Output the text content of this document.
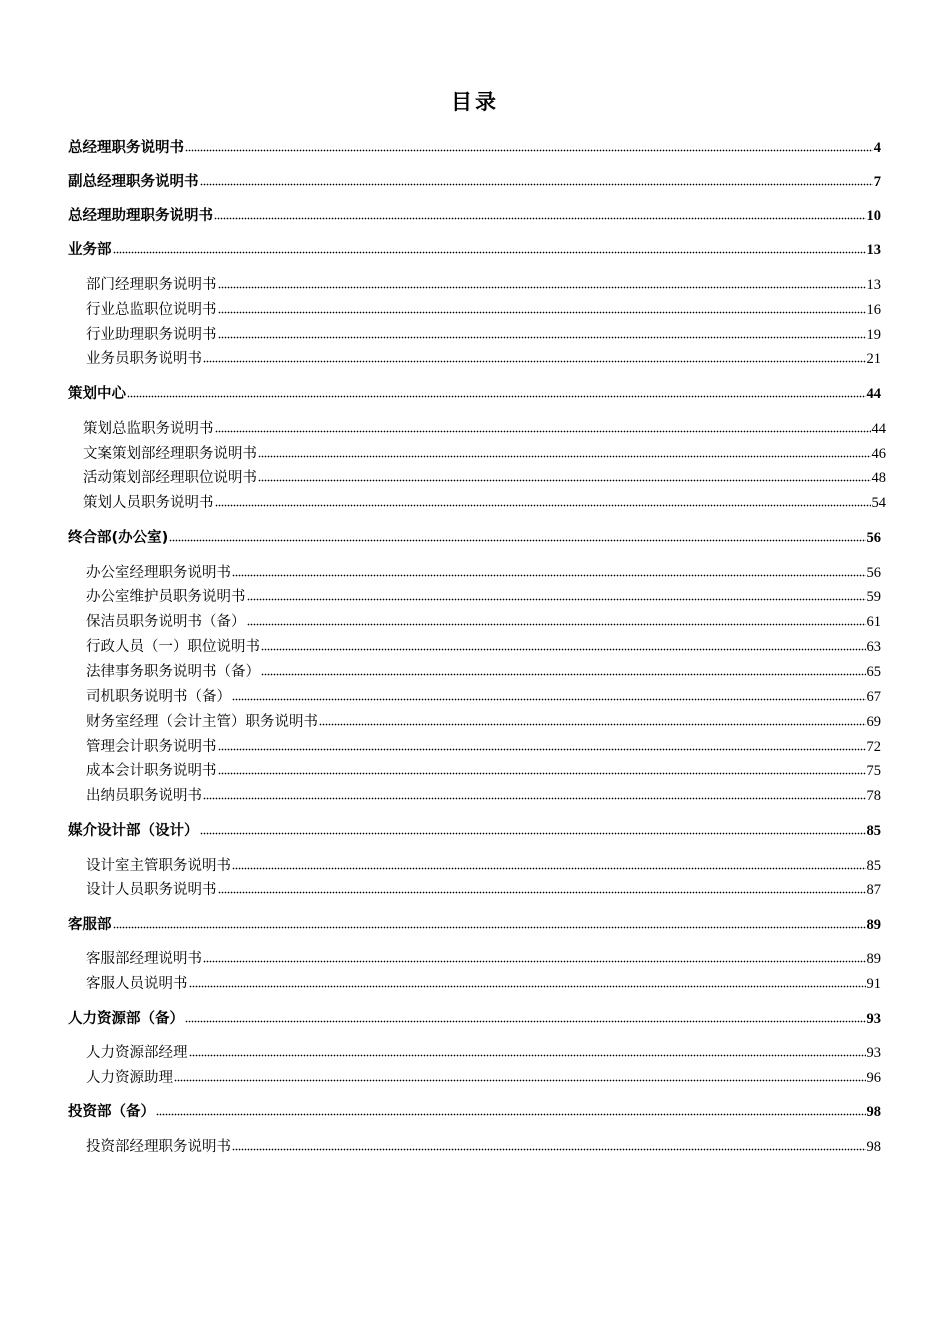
目录
总经理职务说明书	4
副总经理职务说明书	7
总经理助理职务说明书	10
业务部	13
部门经理职务说明书	13
行业总监职位说明书	16
行业助理职务说明书	19
业务员职务说明书	21
策划中心	44
策划总监职务说明书	44
文案策划部经理职务说明书	46
活动策划部经理职位说明书	48
策划人员职务说明书	54
终合部(办公室)	56
办公室经理职务说明书	56
办公室维护员职务说明书	59
保洁员职务说明书（备）	61
行政人员（一）职位说明书	63
法律事务职务说明书（备）	65
司机职务说明书（备）	67
财务室经理（会计主管）职务说明书	69
管理会计职务说明书	72
成本会计职务说明书	75
出纳员职务说明书	78
媒介设计部（设计）	85
设计室主管职务说明书	85
设计人员职务说明书	87
客服部	89
客服部经理说明书	89
客服人员说明书	91
人力资源部（备）	93
人力资源部经理	93
人力资源助理	96
投资部（备）	98
投资部经理职务说明书	98
